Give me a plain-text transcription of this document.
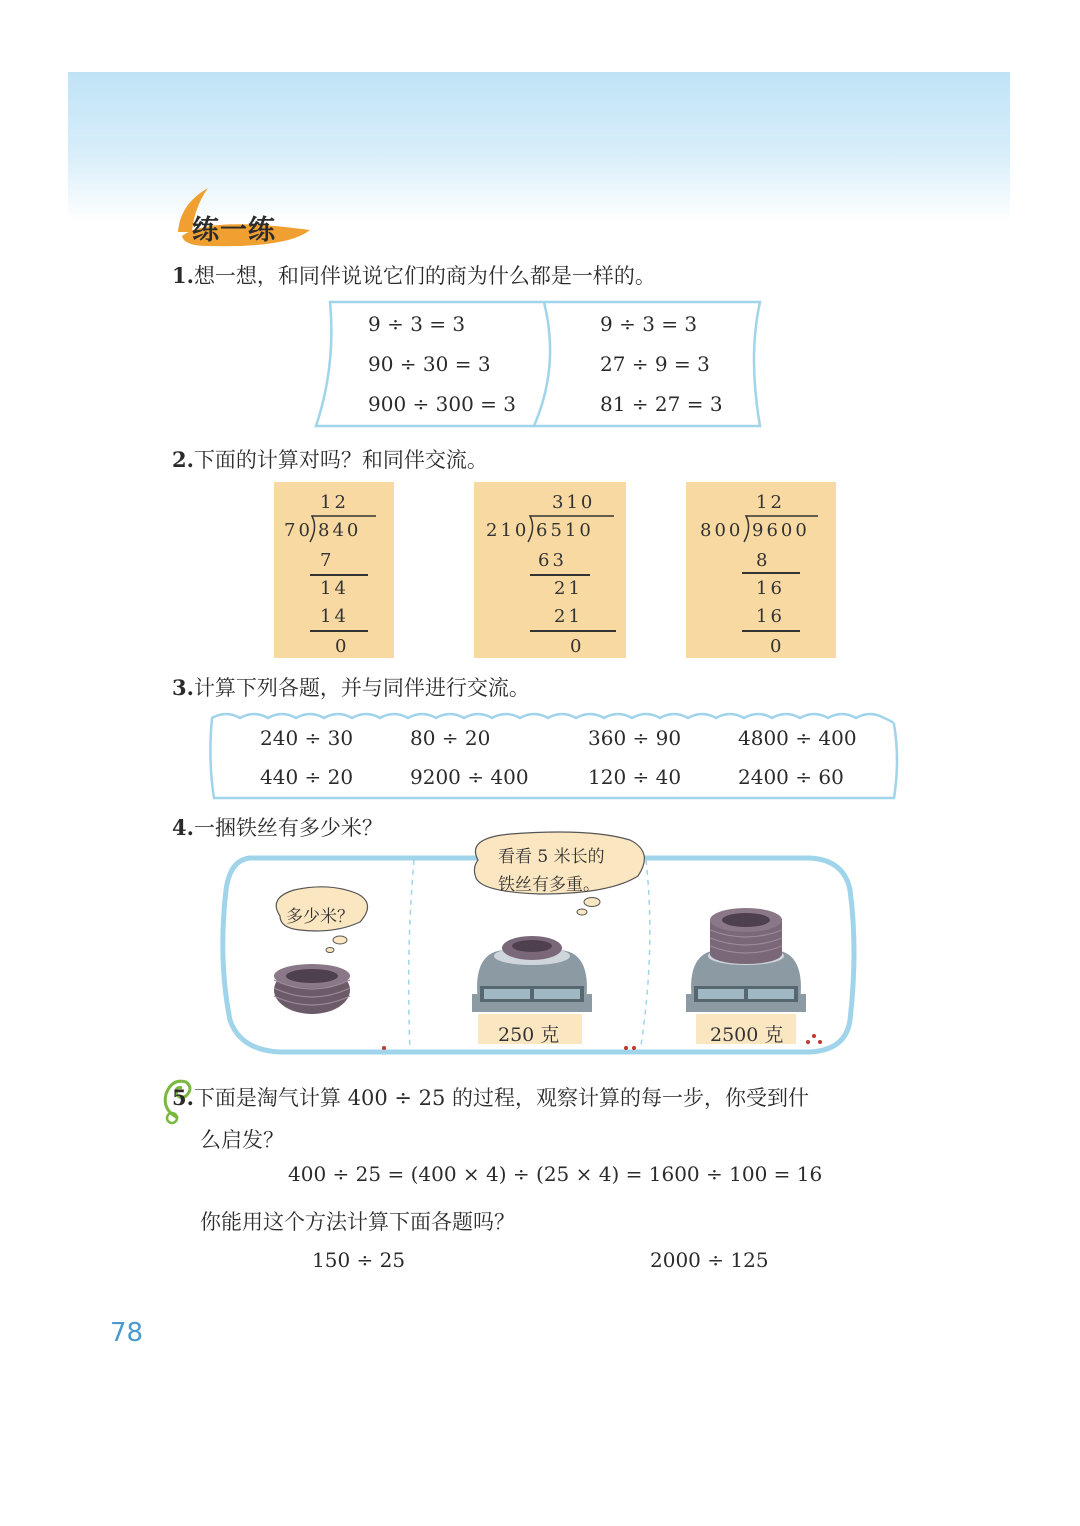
练一练
1.想一想，和同伴说说它们的商为什么都是一样的。
9 ÷ 3 = 3
90 ÷ 30 = 3
900 ÷ 300 = 3
9 ÷ 3 = 3
27 ÷ 9 = 3
81 ÷ 27 = 3
2.下面的计算对吗？和同伴交流。
12
70 840
7
14
14
0
310
210 6510
63
21
21
0
12
800 9600
8
16
16
0
3.计算下列各题，并与同伴进行交流。
240 ÷ 30	80 ÷ 20	360 ÷ 90	4800 ÷ 400
440 ÷ 20	9200 ÷ 400	120 ÷ 40	2400 ÷ 60
4.一捆铁丝有多少米？
多少米？
看看 5 米长的
铁丝有多重。
250 克	2500 克
5.下面是淘气计算 400 ÷ 25 的过程，观察计算的每一步，你受到什
么启发？
400 ÷ 25 = (400 × 4) ÷ (25 × 4) = 1600 ÷ 100 = 16
你能用这个方法计算下面各题吗？
150 ÷ 25	2000 ÷ 125
78
